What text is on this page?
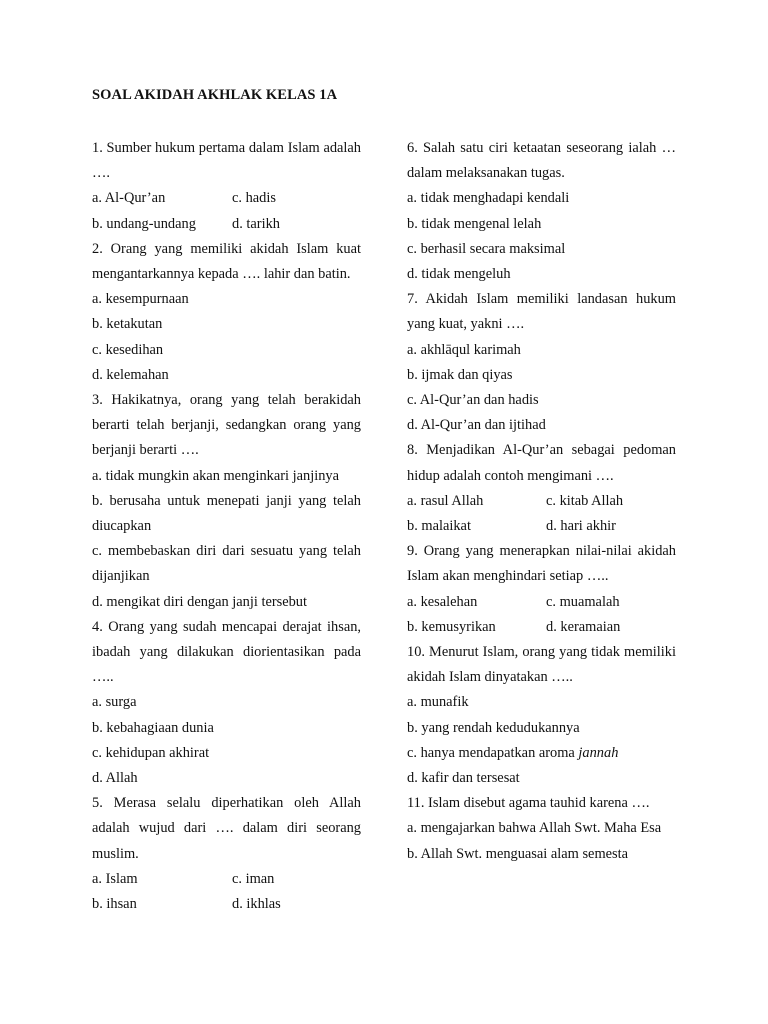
SOAL AKIDAH AKHLAK KELAS 1A
1. Sumber hukum pertama dalam Islam adalah ….
a. Al-Qur’an	c. hadis
b. undang-undang	d. tarikh
2. Orang yang memiliki akidah Islam kuat mengantarkannya kepada …. lahir dan batin.
a. kesempurnaan
b. ketakutan
c. kesedihan
d. kelemahan
3. Hakikatnya, orang yang telah berakidah berarti telah berjanji, sedangkan orang yang berjanji berarti ….
a. tidak mungkin akan menginkari janjinya
b. berusaha untuk menepati janji yang telah diucapkan
c. membebaskan diri dari sesuatu yang telah dijanjikan
d. mengikat diri dengan janji tersebut
4. Orang yang sudah mencapai derajat ihsan, ibadah yang dilakukan diorientasikan pada …..
a. surga
b. kebahagiaan dunia
c. kehidupan akhirat
d. Allah
5. Merasa selalu diperhatikan oleh Allah adalah wujud dari …. dalam diri seorang muslim.
a. Islam	c. iman
b. ihsan	d. ikhlas
6. Salah satu ciri ketaatan seseorang ialah … dalam melaksanakan tugas.
a. tidak menghadapi kendali
b. tidak mengenal lelah
c. berhasil secara maksimal
d. tidak mengeluh
7. Akidah Islam memiliki landasan hukum yang kuat, yakni ….
a. akhlāqul karimah
b. ijmak dan qiyas
c. Al-Qur’an dan hadis
d. Al-Qur’an dan ijtihad
8. Menjadikan Al-Qur’an sebagai pedoman hidup adalah contoh mengimani ….
a. rasul Allah	c. kitab Allah
b. malaikat	d. hari akhir
9. Orang yang menerapkan nilai-nilai akidah Islam akan menghindari setiap …..
a. kesalehan	c. muamalah
b. kemusyrikan	d. keramaian
10. Menurut Islam, orang yang tidak memiliki akidah Islam dinyatakan …..
a. munafik
b. yang rendah kedudukannya
c. hanya mendapatkan aroma jannah
d. kafir dan tersesat
11. Islam disebut agama tauhid karena ….
a. mengajarkan bahwa Allah Swt. Maha Esa
b. Allah Swt. menguasai alam semesta
